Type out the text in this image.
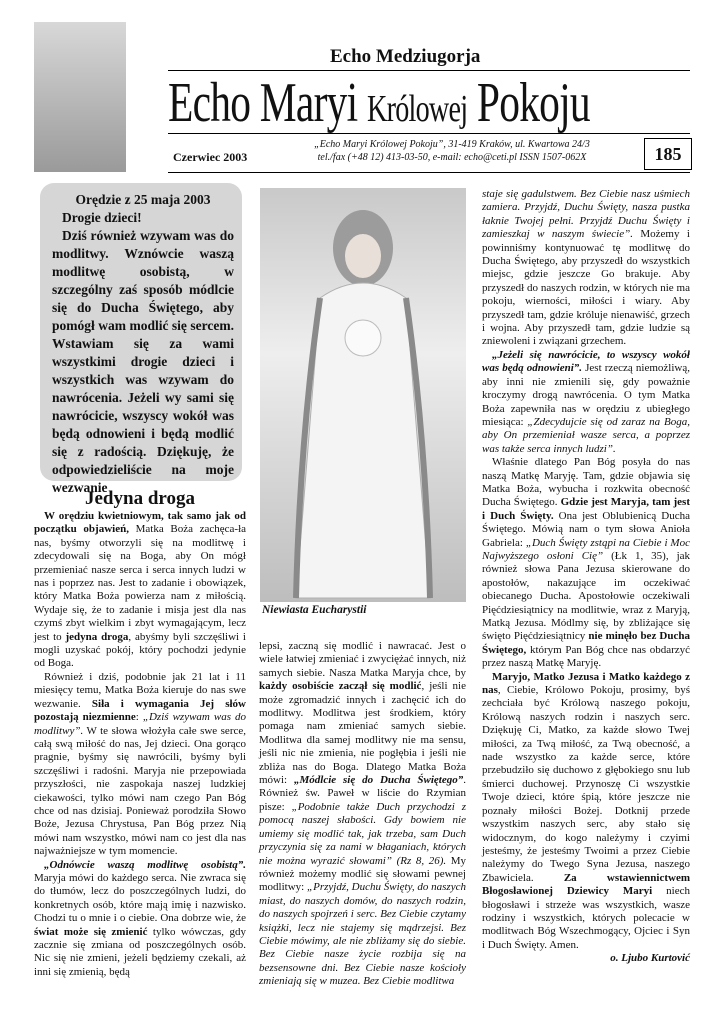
Echo Medziugorja
Echo Maryi Królowej Pokoju
Czerwiec 2003
„Echo Maryi Królowej Pokoju”, 31-419 Kraków, ul. Kwartowa 24/3
tel./fax (+48 12) 413-03-50, e-mail: echo@ceti.pl ISSN 1507-062X	185
Orędzie z 25 maja 2003
Drogie dzieci!
Dziś również wzywam was do modlitwy. Wznówcie waszą modlitwę osobistą, w szczególny zaś sposób módlcie się do Ducha Świętego, aby pomógł wam modlić się sercem. Wstawiam się za wami wszystkimi drogie dzieci i wszystkich was wzywam do nawrócenia. Jeżeli wy sami się nawrócicie, wszyscy wokół was będą odnowieni i będą modlić się z radością. Dziękuję, że odpowiedzieliście na moje wezwanie
Jedyna droga

W orędziu kwietniowym, tak samo jak od początku objawień, Matka Boża zachęca-ła nas, byśmy otworzyli się na modlitwę i zdecydowali się na Boga, aby On mógł przemieniać nasze serca i serca innych ludzi w nas i poprzez nas. Jest to zadanie i obowiązek, który Matka Boża powierza nam z miłością. Wydaje się, że to zadanie i misja jest dla nas czymś zbyt wielkim i zbyt wymagającym, lecz jest to jedyna droga, abyśmy byli szczęśliwi i mogli uzyskać pokój, który pochodzi jedynie od Boga.

Również i dziś, podobnie jak 21 lat i 11 miesięcy temu, Matka Boża kieruje do nas swe wezwanie. Siła i wymagania Jej słów pozostają niezmienne: „Dziś wzywam was do modlitwy”. W te słowa włożyła całe swe serce, całą swą miłość do nas, Jej dzieci. Ona gorąco pragnie, byśmy się nawrócili, byśmy byli szczęśliwi i radośni. Maryja nie przepowiada przyszłości, nie zaspokaja naszej ludzkiej ciekawości, tylko mówi nam czego Pan Bóg chce od nas dzisiaj. Ponieważ porodziła Słowo Boże, Jezusa Chrystusa, Pan Bóg przez Nią mówi nam wszystko, mówi nam co jest dla nas najważniejsze w tym momencie.

„Odnówcie waszą modlitwę osobistą”. Maryja mówi do każdego serca. Nie zwraca się do tłumów, lecz do poszczególnych ludzi, do konkretnych osób, które mają imię i nazwisko. Chodzi tu o mnie i o ciebie. Ona dobrze wie, że świat może się zmienić tylko wówczas, gdy zacznie się zmiana od poszczególnych osób. Nic się nie zmieni, jeżeli będziemy czekali, aż inni się zmienią, będą

Niewiasta Eucharystii

lepsi, zaczną się modlić i nawracać. Jest o wiele łatwiej zmieniać i zwyciężać innych, niż samych siebie. Nasza Matka Maryja chce, by każdy osobiście zaczął się modlić, jeśli nie może zgromadzić innych i zachęcić ich do modlitwy. Modlitwa jest środkiem, który pomaga nam zmieniać samych siebie. Modlitwa dla samej modlitwy nie ma sensu, jeśli nic nie zmienia, nie pogłębia i jeśli nie zbliża nas do Boga. Dlatego Matka Boża mówi: „Módlcie się do Ducha Świętego”. Również św. Paweł w liście do Rzymian pisze: „Podobnie także Duch przychodzi z pomocą naszej słabości. Gdy bowiem nie umiemy się modlić tak, jak trzeba, sam Duch przyczynia się za nami w błaganiach, których nie można wyrazić słowami” (Rz 8, 26). My również możemy modlić się słowami pewnej modlitwy: „Przyjdź, Duchu Święty, do naszych miast, do naszych domów, do naszych rodzin, do naszych spojrzeń i serc. Bez Ciebie czytamy książki, lecz nie stajemy się mądrzejsi. Bez Ciebie mówimy, ale nie zbliżamy się do siebie. Bez Ciebie nasze życie rozbija się na bezsensowne dni. Bez Ciebie nasze kościoły zmieniają się w muzea. Bez Ciebie modlitwa

staje się gadulstwem. Bez Ciebie nasz uśmiech zamiera. Przyjdź, Duchu Święty, nasza pustka łaknie Twojej pełni. Przyjdź Duchu Święty i zamieszkaj w naszym świecie”. Możemy i powinniśmy kontynuować tę modlitwę do Ducha Świętego, aby przyszedł do wszystkich miejsc, gdzie jeszcze Go brakuje. Aby przyszedł do naszych rodzin, w których nie ma pokoju, wierności, miłości i wiary. Aby przyszedł tam, gdzie króluje nienawiść, grzech i wojna. Aby przyszedł tam, gdzie ludzie są zniewoleni i związani grzechem.

„Jeżeli się nawrócicie, to wszyscy wokół was będą odnowieni”. Jest rzeczą niemożliwą, aby inni nie zmienili się, gdy poważnie kroczymy drogą nawrócenia. O tym Matka Boża zapewniła nas w orędziu z ubiegłego miesiąca: „Zdecydujcie się od zaraz na Boga, aby On przemieniał wasze serca, a poprzez was także serca innych ludzi”.

Właśnie dlatego Pan Bóg posyła do nas naszą Matkę Maryję. Tam, gdzie objawia się Matka Boża, wybucha i rozkwita obecność Ducha Świętego. Gdzie jest Maryja, tam jest i Duch Święty. Ona jest Oblubienicą Ducha Świętego. Mówią nam o tym słowa Anioła Gabriela: „Duch Święty zstąpi na Ciebie i Moc Najwyższego osłoni Cię” (Łk 1, 35), jak również słowa Pana Jezusa skierowane do apostołów, nakazujące im oczekiwać obiecanego Ducha. Apostołowie oczekiwali Pięćdziesiątnicy na modlitwie, wraz z Maryją, Matką Jezusa. Módlmy się, by zbliżające się święto Pięćdziesiątnicy nie minęło bez Ducha Świętego, którym Pan Bóg chce nas obdarzyć przez naszą Matkę Maryję.

Maryjo, Matko Jezusa i Matko każdego z nas, Ciebie, Królowo Pokoju, prosimy, byś zechciała być Królową naszego pokoju, Królową naszych rodzin i naszych serc. Dziękuję Ci, Matko, za każde słowo Twej miłości, za Twą miłość, za Twą obecność, a nade wszystko za każde serce, które przebudziło się duchowo z głębokiego snu lub śmierci duchowej. Przynoszę Ci wszystkie Twoje dzieci, które śpią, które jeszcze nie poznały miłości Bożej. Dotknij przede wszystkim naszych serc, aby stało się widocznym, do kogo należymy i czyimi jesteśmy, że jesteśmy Twoimi a przez Ciebie należymy do Twego Syna Jezusa, naszego Zbawiciela. Za wstawiennictwem Błogosławionej Dziewicy Maryi niech błogosławi i strzeże was wszystkich, wasze rodziny i wszystkich, których polecacie w modlitwach Bóg Wszechmogący, Ojciec i Syn i Duch Święty. Amen.

o. Ljubo Kurtović
